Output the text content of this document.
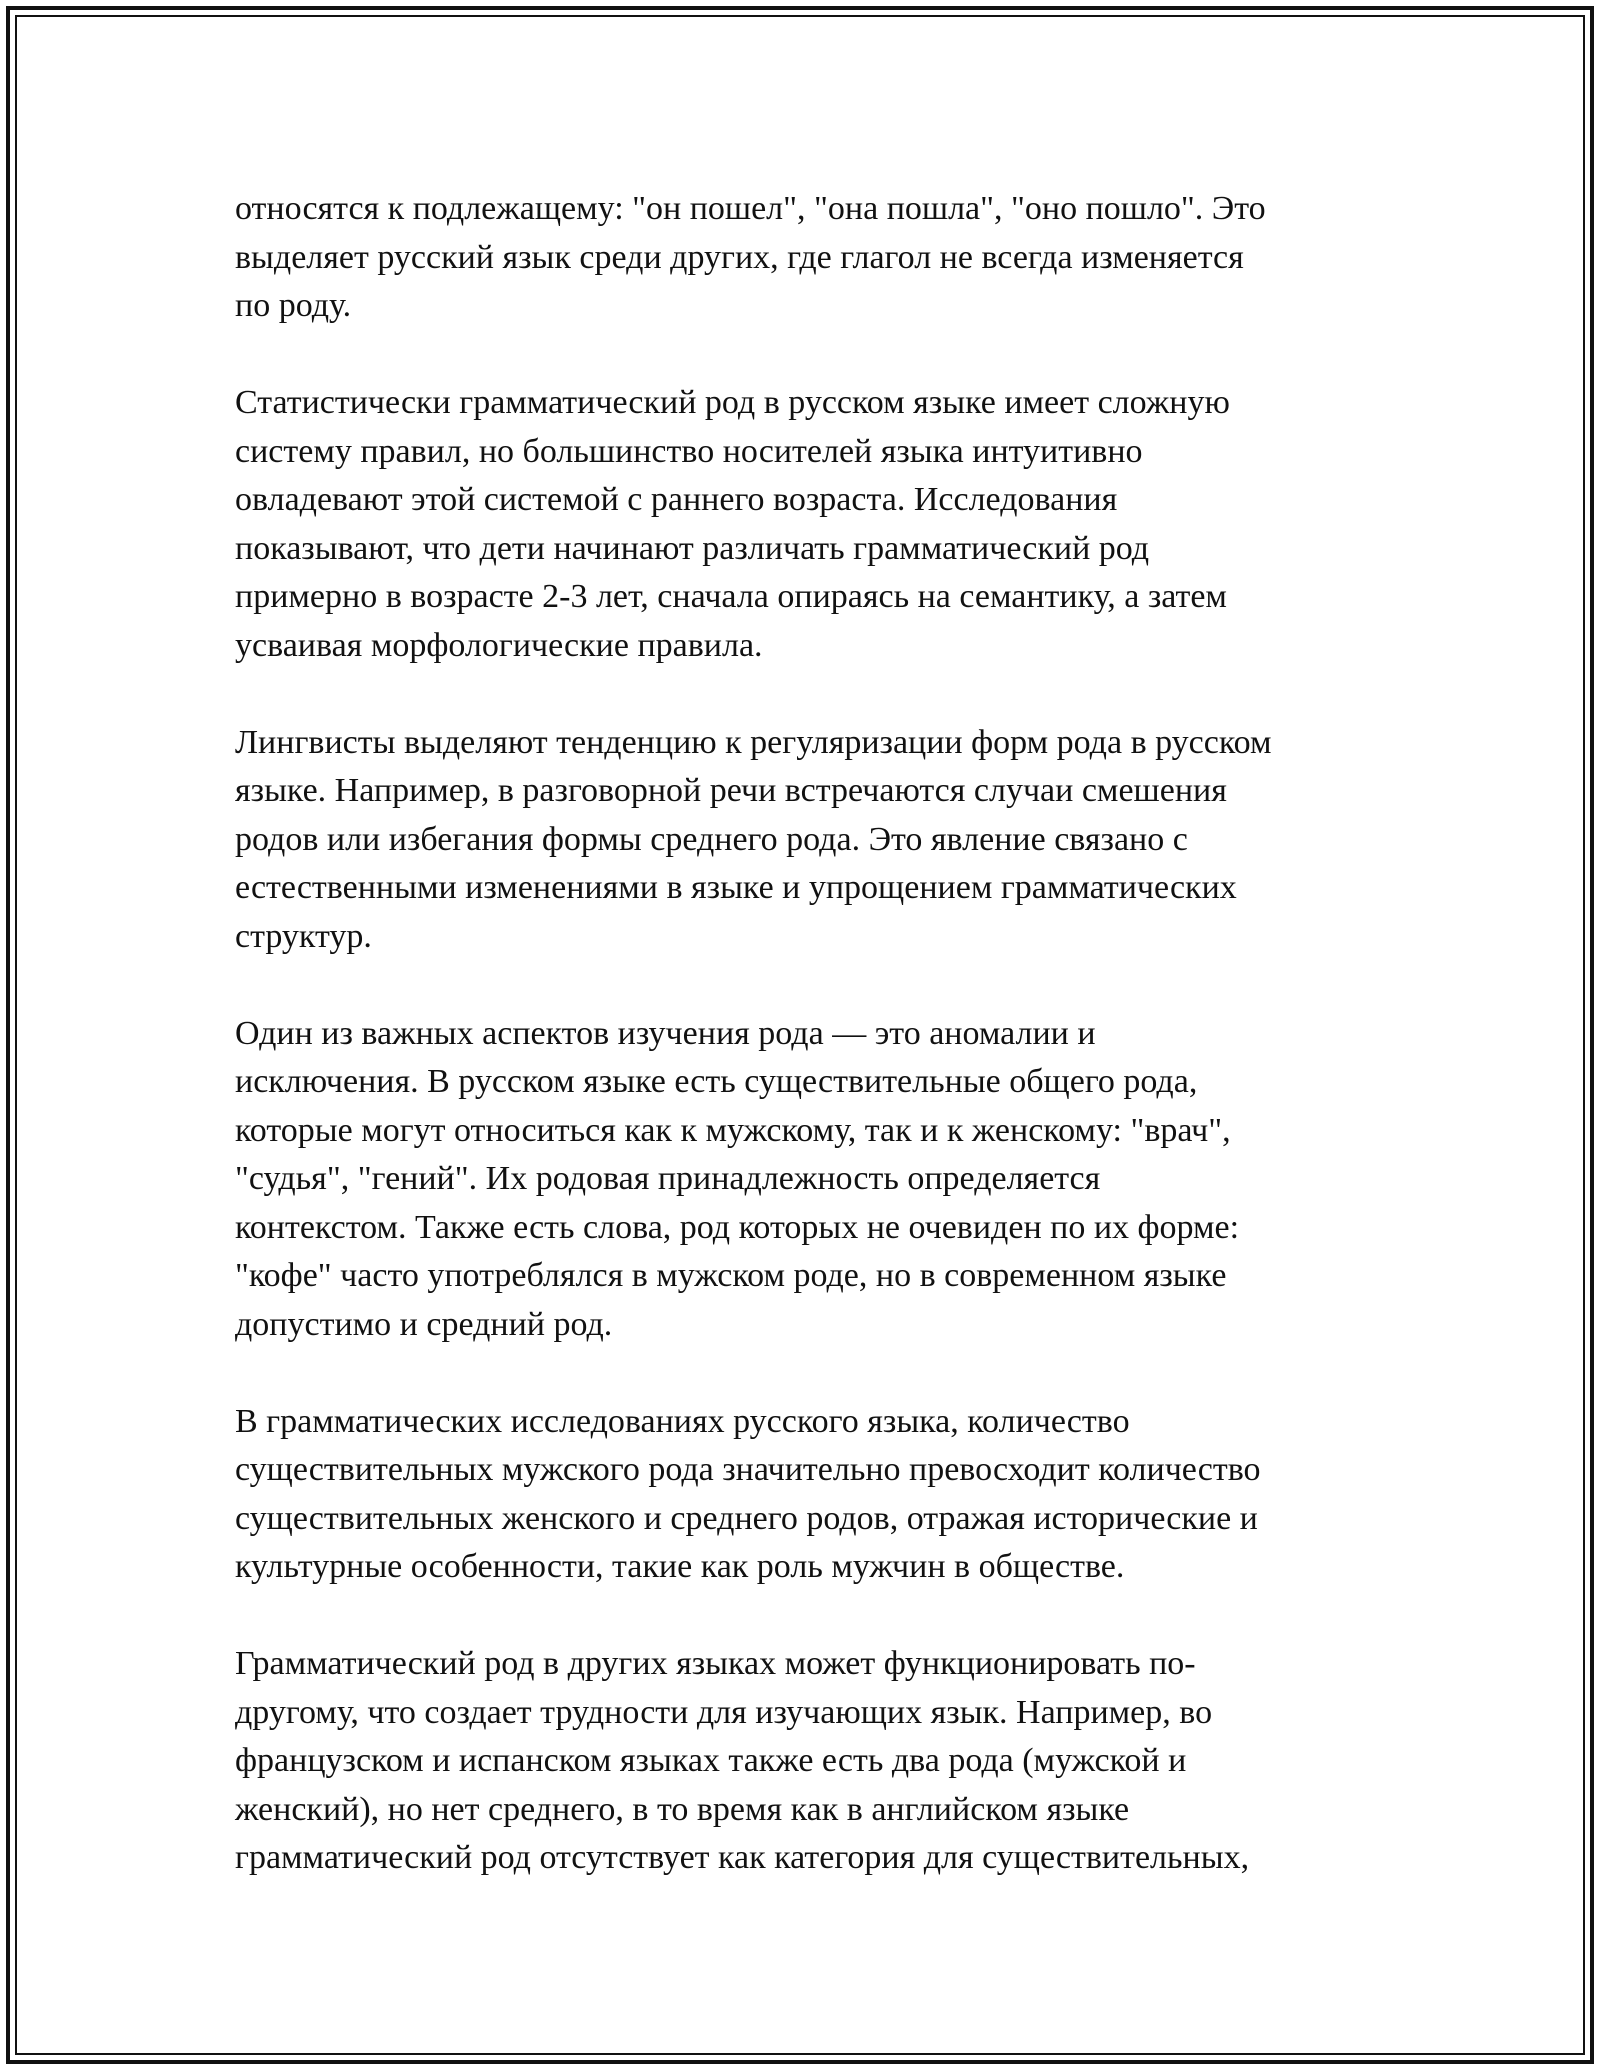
относятся к подлежащему: "он пошел", "она пошла", "оно пошло". Это
выделяет русский язык среди других, где глагол не всегда изменяется
по роду.

Статистически грамматический род в русском языке имеет сложную
систему правил, но большинство носителей языка интуитивно
овладевают этой системой с раннего возраста. Исследования
показывают, что дети начинают различать грамматический род
примерно в возрасте 2-3 лет, сначала опираясь на семантику, а затем
усваивая морфологические правила.

Лингвисты выделяют тенденцию к регуляризации форм рода в русском
языке. Например, в разговорной речи встречаются случаи смешения
родов или избегания формы среднего рода. Это явление связано с
естественными изменениями в языке и упрощением грамматических
структур.

Один из важных аспектов изучения рода — это аномалии и
исключения. В русском языке есть существительные общего рода,
которые могут относиться как к мужскому, так и к женскому: "врач",
"судья", "гений". Их родовая принадлежность определяется
контекстом. Также есть слова, род которых не очевиден по их форме:
"кофе" часто употреблялся в мужском роде, но в современном языке
допустимо и средний род.

В грамматических исследованиях русского языка, количество
существительных мужского рода значительно превосходит количество
существительных женского и среднего родов, отражая исторические и
культурные особенности, такие как роль мужчин в обществе.

Грамматический род в других языках может функционировать по-
другому, что создает трудности для изучающих язык. Например, во
французском и испанском языках также есть два рода (мужской и
женский), но нет среднего, в то время как в английском языке
грамматический род отсутствует как категория для существительных,
